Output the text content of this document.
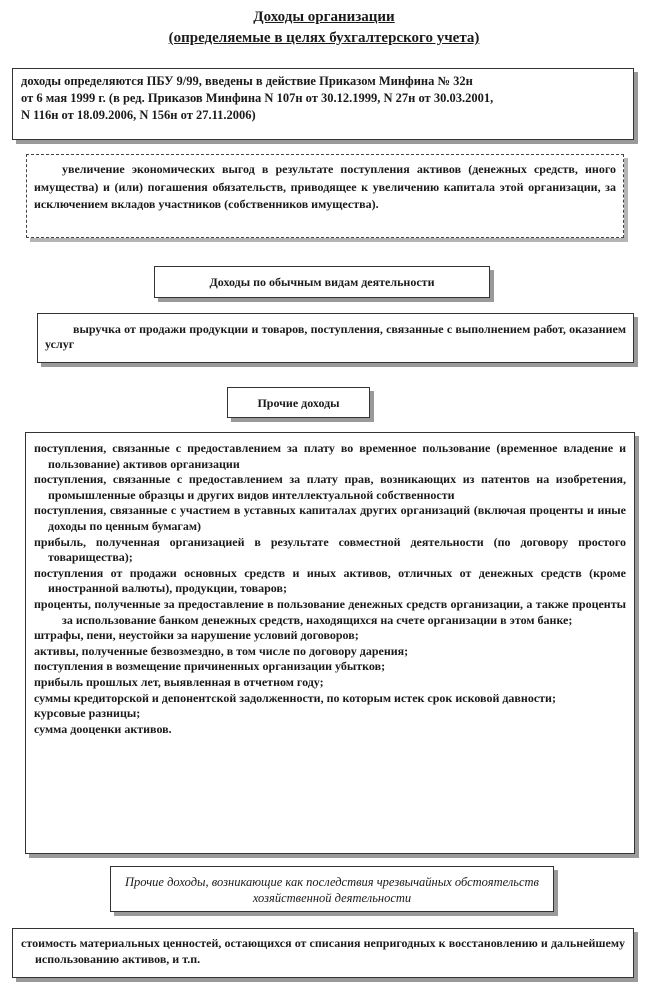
Доходы организации
(определяемые в целях бухгалтерского учета)
доходы определяются ПБУ 9/99, введены в действие Приказом Минфина № 32н
от 6 мая 1999 г. (в ред. Приказов Минфина N 107н от 30.12.1999, N 27н от 30.03.2001,
N 116н от 18.09.2006, N 156н от 27.11.2006)
увеличение экономических выгод в результате поступления активов (денежных средств, иного имущества) и (или) погашения обязательств, приводящее к увеличению капитала этой организации, за исключением вкладов участников (собственников имущества).
Доходы по обычным видам деятельности
выручка от продажи продукции и товаров, поступления, связанные с выполнением работ, оказанием услуг
Прочие доходы
поступления, связанные с предоставлением за плату во временное пользование (временное владение и пользование) активов организации
поступления, связанные с предоставлением за плату прав, возникающих из патентов на изобретения, промышленные образцы и других видов интеллектуальной собственности
поступления, связанные с участием в уставных капиталах других организаций (включая проценты и иные доходы по ценным бумагам)
прибыль, полученная организацией в результате совместной деятельности (по договору простого товарищества);
поступления от продажи основных средств и иных активов, отличных от денежных средств (кроме иностранной валюты), продукции, товаров;
проценты, полученные за предоставление в пользование денежных средств организации, а также проценты за использование банком денежных средств, находящихся на счете организации в этом банке;
штрафы, пени, неустойки за нарушение условий договоров;
активы, полученные безвозмездно, в том числе по договору дарения;
поступления в возмещение причиненных организации убытков;
прибыль прошлых лет, выявленная в отчетном году;
суммы кредиторской и депонентской задолженности, по которым истек срок исковой давности;
курсовые разницы;
сумма дооценки активов.
Прочие доходы, возникающие как последствия чрезвычайных обстоятельств хозяйственной деятельности
стоимость материальных ценностей, остающихся от списания непригодных к восстановлению и дальнейшему использованию активов, и т.п.
